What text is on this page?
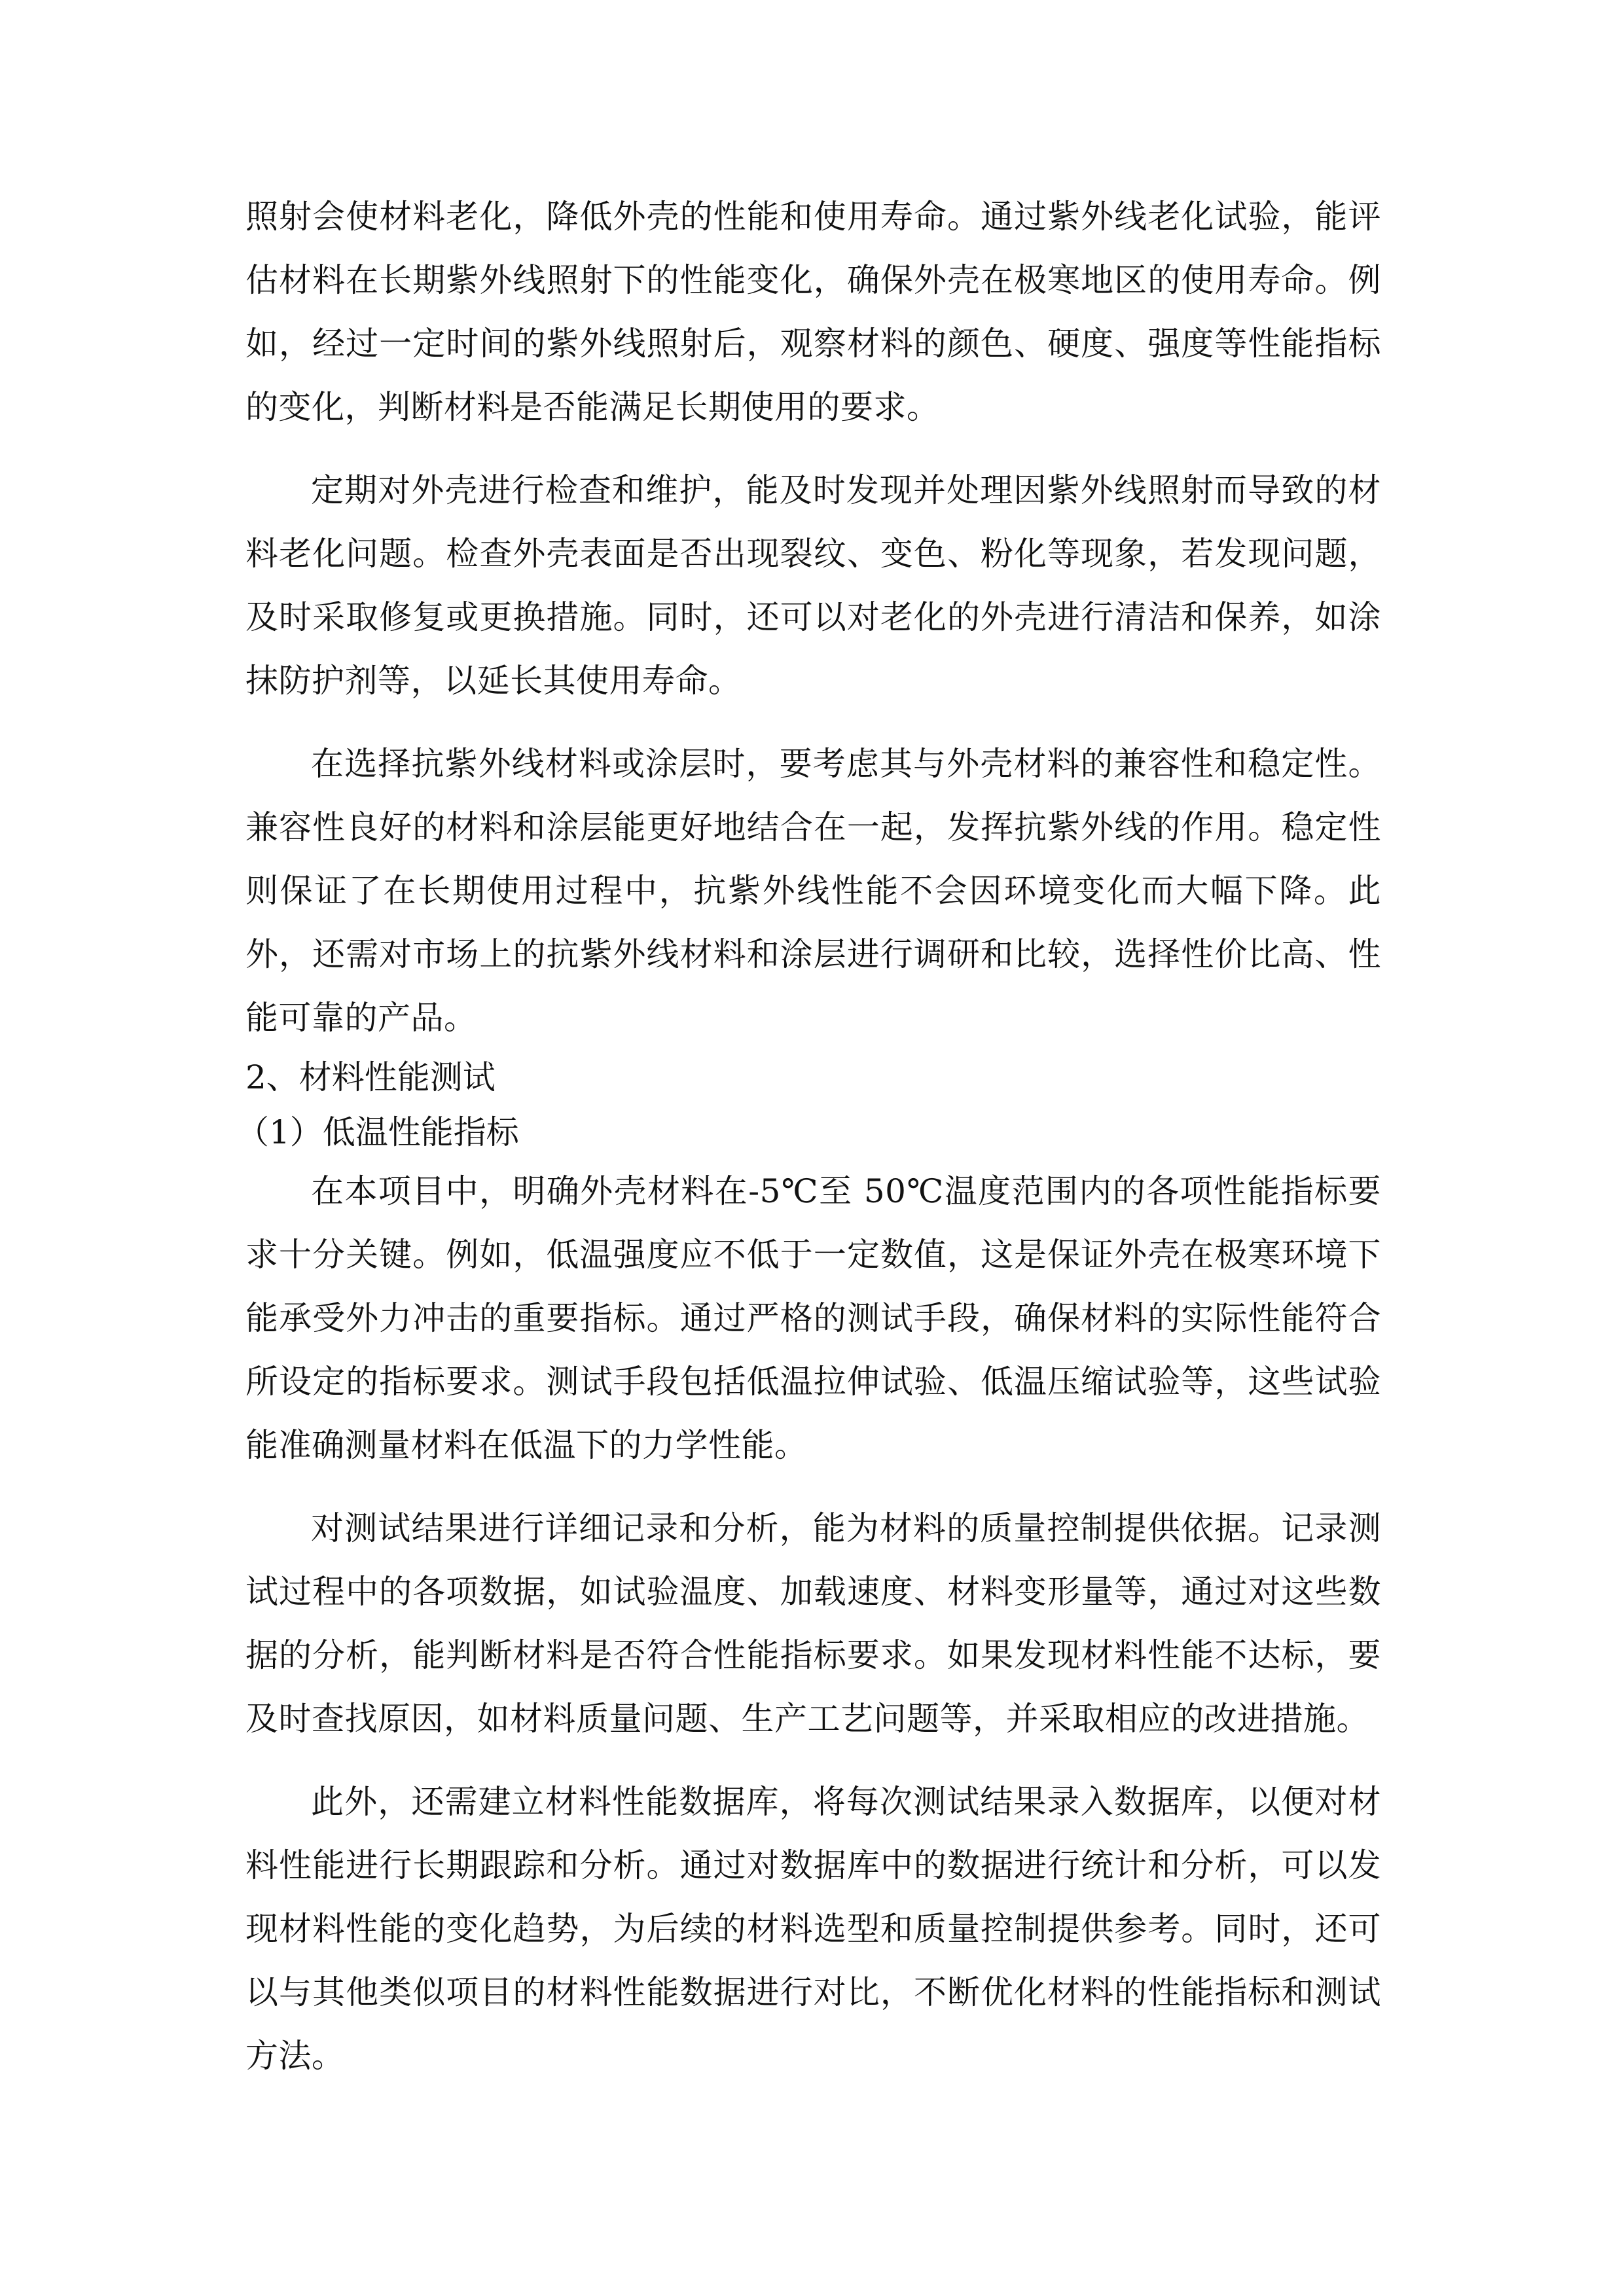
照射会使材料老化，降低外壳的性能和使用寿命。通过紫外线老化试验，能评估材料在长期紫外线照射下的性能变化，确保外壳在极寒地区的使用寿命。例如，经过一定时间的紫外线照射后，观察材料的颜色、硬度、强度等性能指标的变化，判断材料是否能满足长期使用的要求。

定期对外壳进行检查和维护，能及时发现并处理因紫外线照射而导致的材料老化问题。检查外壳表面是否出现裂纹、变色、粉化等现象，若发现问题，及时采取修复或更换措施。同时，还可以对老化的外壳进行清洁和保养，如涂抹防护剂等，以延长其使用寿命。

在选择抗紫外线材料或涂层时，要考虑其与外壳材料的兼容性和稳定性。兼容性良好的材料和涂层能更好地结合在一起，发挥抗紫外线的作用。稳定性则保证了在长期使用过程中，抗紫外线性能不会因环境变化而大幅下降。此外，还需对市场上的抗紫外线材料和涂层进行调研和比较，选择性价比高、性能可靠的产品。

2、材料性能测试

（1）低温性能指标

在本项目中，明确外壳材料在-5℃至 50℃温度范围内的各项性能指标要求十分关键。例如，低温强度应不低于一定数值，这是保证外壳在极寒环境下能承受外力冲击的重要指标。通过严格的测试手段，确保材料的实际性能符合所设定的指标要求。测试手段包括低温拉伸试验、低温压缩试验等，这些试验能准确测量材料在低温下的力学性能。

对测试结果进行详细记录和分析，能为材料的质量控制提供依据。记录测试过程中的各项数据，如试验温度、加载速度、材料变形量等，通过对这些数据的分析，能判断材料是否符合性能指标要求。如果发现材料性能不达标，要及时查找原因，如材料质量问题、生产工艺问题等，并采取相应的改进措施。

此外，还需建立材料性能数据库，将每次测试结果录入数据库，以便对材料性能进行长期跟踪和分析。通过对数据库中的数据进行统计和分析，可以发现材料性能的变化趋势，为后续的材料选型和质量控制提供参考。同时，还可以与其他类似项目的材料性能数据进行对比，不断优化材料的性能指标和测试方法。
